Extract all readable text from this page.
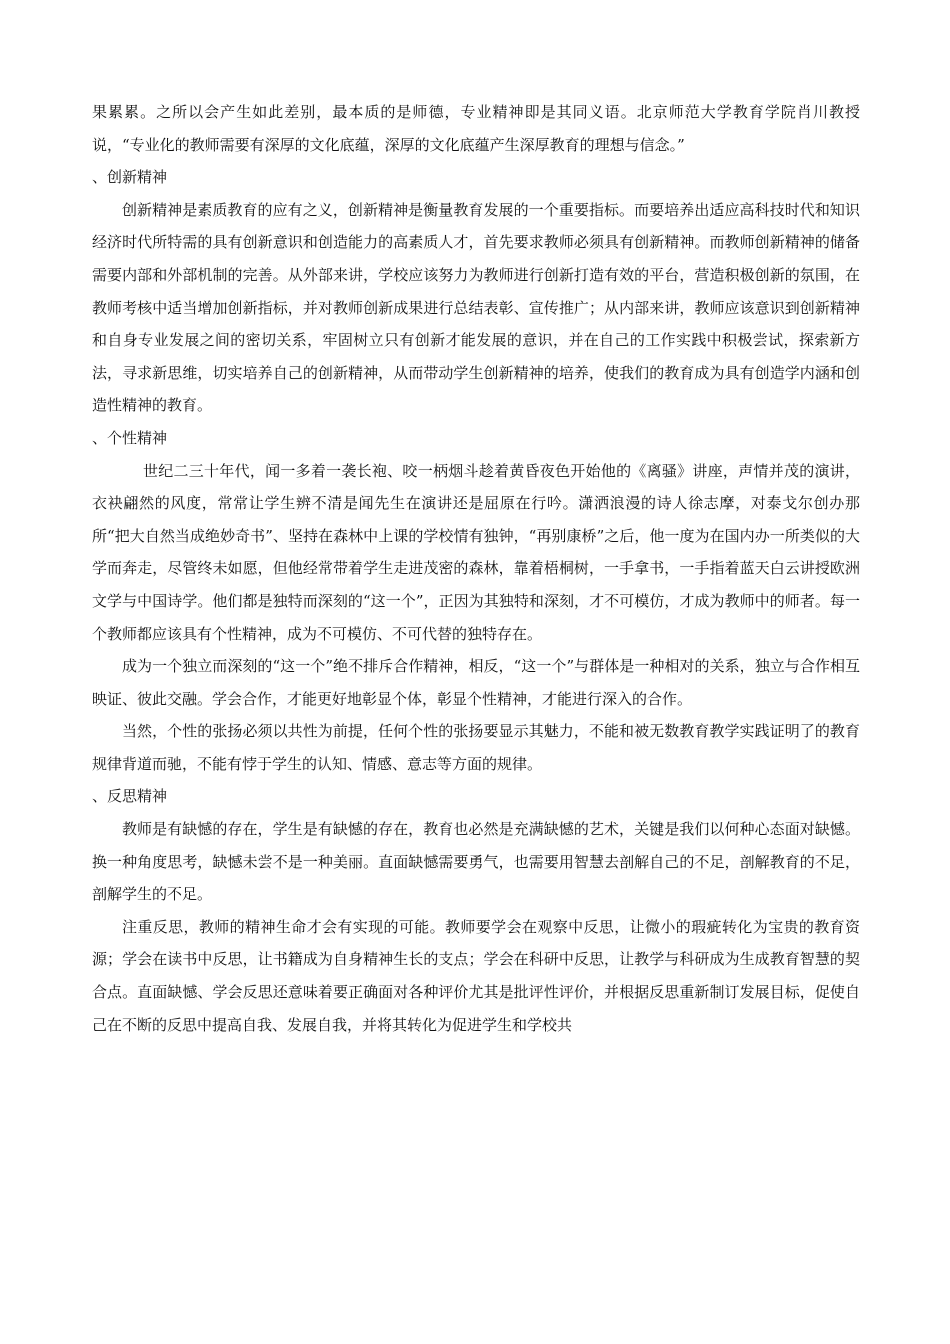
果累累。之所以会产生如此差别，最本质的是师德，专业精神即是其同义语。北京师范大学教育学院肖川教授说，“专业化的教师需要有深厚的文化底蕴，深厚的文化底蕴产生深厚教育的理想与信念。”

、创新精神

创新精神是素质教育的应有之义，创新精神是衡量教育发展的一个重要指标。而要培养出适应高科技时代和知识经济时代所特需的具有创新意识和创造能力的高素质人才，首先要求教师必须具有创新精神。而教师创新精神的储备需要内部和外部机制的完善。从外部来讲，学校应该努力为教师进行创新打造有效的平台，营造积极创新的氛围，在教师考核中适当增加创新指标，并对教师创新成果进行总结表彰、宣传推广；从内部来讲，教师应该意识到创新精神和自身专业发展之间的密切关系，牢固树立只有创新才能发展的意识，并在自己的工作实践中积极尝试，探索新方法，寻求新思维，切实培养自己的创新精神，从而带动学生创新精神的培养，使我们的教育成为具有创造学内涵和创造性精神的教育。

、个性精神

世纪二三十年代，闻一多着一袭长袍、咬一柄烟斗趁着黄昏夜色开始他的《离骚》讲座，声情并茂的演讲，衣袂翩然的风度，常常让学生辨不清是闻先生在演讲还是屈原在行吟。潇洒浪漫的诗人徐志摩，对泰戈尔创办那所“把大自然当成绝妙奇书”、坚持在森林中上课的学校情有独钟，“再别康桥”之后，他一度为在国内办一所类似的大学而奔走，尽管终未如愿，但他经常带着学生走进茂密的森林，靠着梧桐树，一手拿书，一手指着蓝天白云讲授欧洲文学与中国诗学。他们都是独特而深刻的“这一个”，正因为其独特和深刻，才不可模仿，才成为教师中的师者。每一个教师都应该具有个性精神，成为不可模仿、不可代替的独特存在。

成为一个独立而深刻的“这一个”绝不排斥合作精神，相反，“这一个”与群体是一种相对的关系，独立与合作相互映证、彼此交融。学会合作，才能更好地彰显个体，彰显个性精神，才能进行深入的合作。

当然，个性的张扬必须以共性为前提，任何个性的张扬要显示其魅力，不能和被无数教育教学实践证明了的教育规律背道而驰，不能有悖于学生的认知、情感、意志等方面的规律。

、反思精神

教师是有缺憾的存在，学生是有缺憾的存在，教育也必然是充满缺憾的艺术，关键是我们以何种心态面对缺憾。换一种角度思考，缺憾未尝不是一种美丽。直面缺憾需要勇气，也需要用智慧去剖解自己的不足，剖解教育的不足，剖解学生的不足。

注重反思，教师的精神生命才会有实现的可能。教师要学会在观察中反思，让微小的瑕疵转化为宝贵的教育资源；学会在读书中反思，让书籍成为自身精神生长的支点；学会在科研中反思，让教学与科研成为生成教育智慧的契合点。直面缺憾、学会反思还意味着要正确面对各种评价尤其是批评性评价，并根据反思重新制订发展目标，促使自己在不断的反思中提高自我、发展自我，并将其转化为促进学生和学校共
